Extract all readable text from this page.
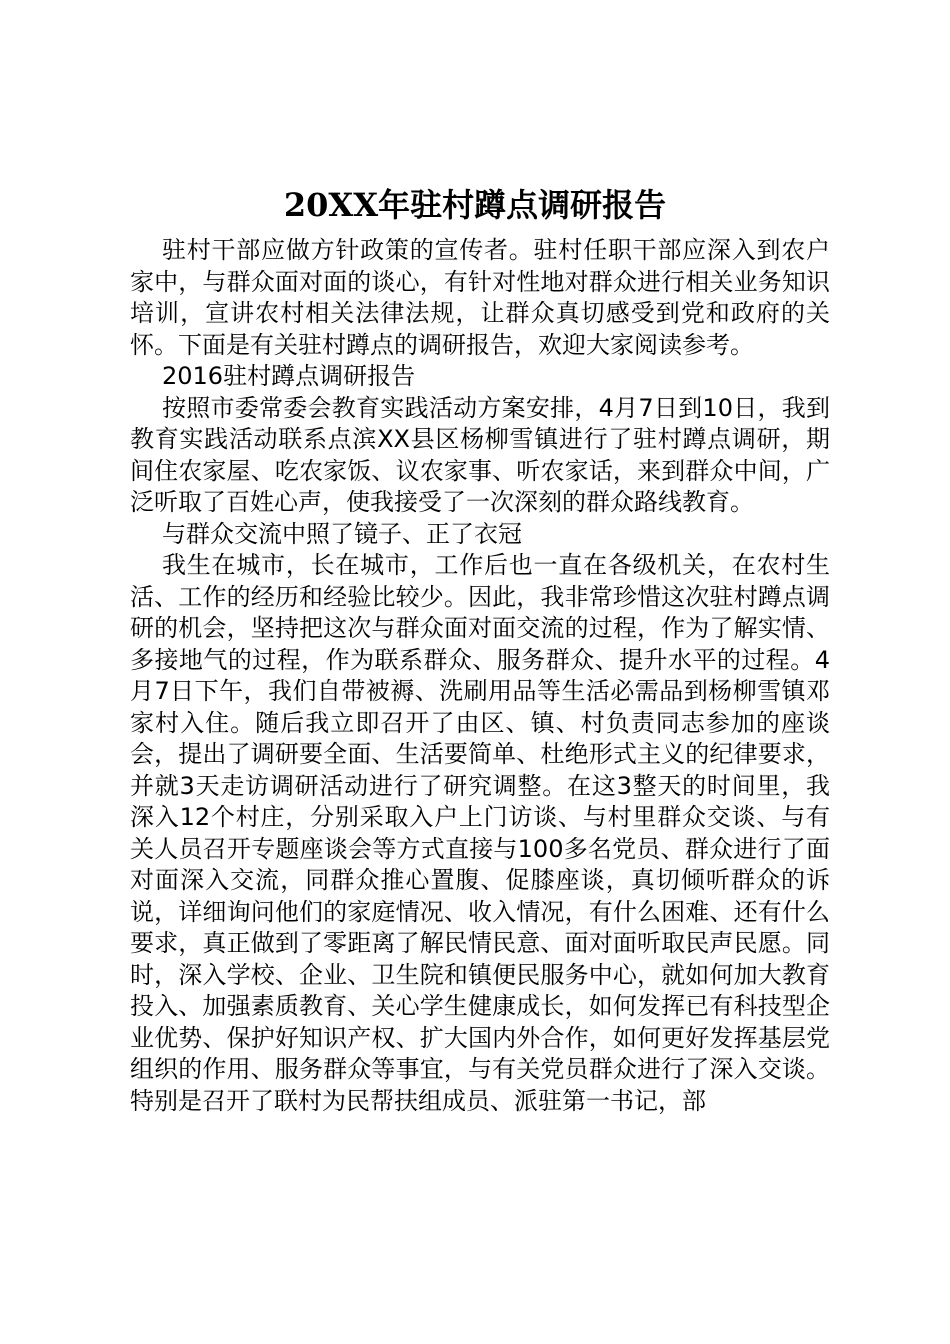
20XX年驻村蹲点调研报告

驻村干部应做方针政策的宣传者。驻村任职干部应深入到农户家中，与群众面对面的谈心，有针对性地对群众进行相关业务知识培训，宣讲农村相关法律法规，让群众真切感受到党和政府的关怀。下面是有关驻村蹲点的调研报告，欢迎大家阅读参考。

2016驻村蹲点调研报告

按照市委常委会教育实践活动方案安排，4月7日到10日，我到教育实践活动联系点滨XX县区杨柳雪镇进行了驻村蹲点调研，期间住农家屋、吃农家饭、议农家事、听农家话，来到群众中间，广泛听取了百姓心声，使我接受了一次深刻的群众路线教育。

与群众交流中照了镜子、正了衣冠

我生在城市，长在城市，工作后也一直在各级机关，在农村生活、工作的经历和经验比较少。因此，我非常珍惜这次驻村蹲点调研的机会，坚持把这次与群众面对面交流的过程，作为了解实情、多接地气的过程，作为联系群众、服务群众、提升水平的过程。4月7日下午，我们自带被褥、洗刷用品等生活必需品到杨柳雪镇邓家村入住。随后我立即召开了由区、镇、村负责同志参加的座谈会，提出了调研要全面、生活要简单、杜绝形式主义的纪律要求，并就3天走访调研活动进行了研究调整。在这3整天的时间里，我深入12个村庄，分别采取入户上门访谈、与村里群众交谈、与有关人员召开专题座谈会等方式直接与100多名党员、群众进行了面对面深入交流，同群众推心置腹、促膝座谈，真切倾听群众的诉说，详细询问他们的家庭情况、收入情况，有什么困难、还有什么要求，真正做到了零距离了解民情民意、面对面听取民声民愿。同时，深入学校、企业、卫生院和镇便民服务中心，就如何加大教育投入、加强素质教育、关心学生健康成长，如何发挥已有科技型企业优势、保护好知识产权、扩大国内外合作，如何更好发挥基层党组织的作用、服务群众等事宜，与有关党员群众进行了深入交谈。特别是召开了联村为民帮扶组成员、派驻第一书记，部
